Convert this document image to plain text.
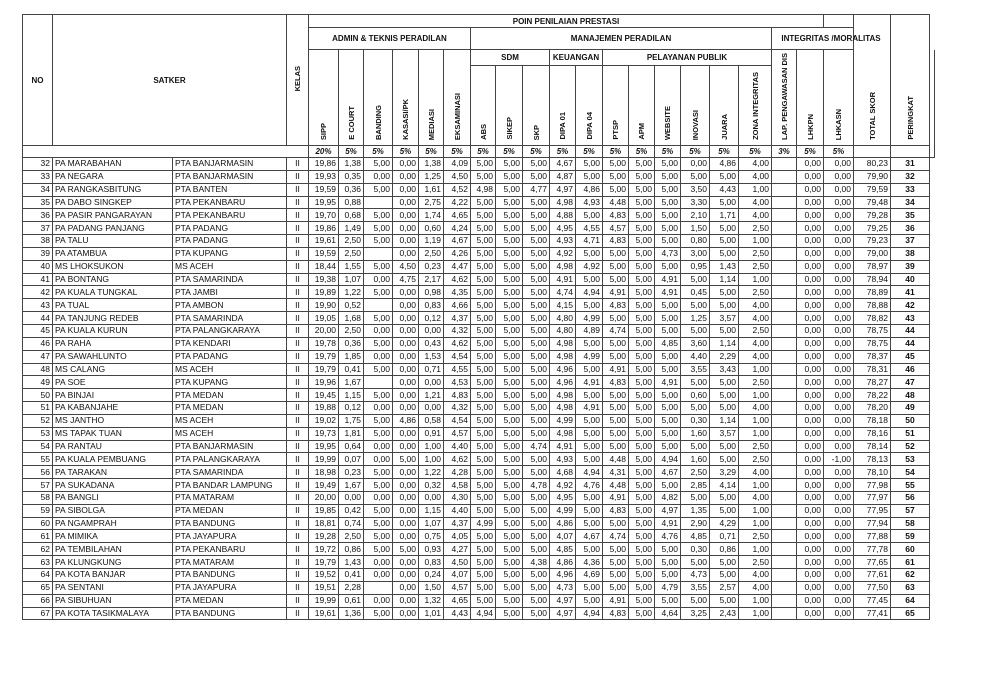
NO	SATKER		KELAS	POIN PENILAIAN PRESTASI																				TOTAL SKOR	PERINGKAT	
				ADMIN & TEKNIS PERADILAN						MANAJEMEN PERADILAN											INTEGRITAS /MORALITAS					
				SIPP	E COURT	BANDING	KASASI/PK	MEDIASI	EKSAMINASI	SDM			KEUANGAN		PELAYANAN PUBLIK						LAP. PENGAWASAN DIS	LHKPN	LHKASN			
										ABS	SIKEP	SKP	DIPA 01	DIPA 04	PTSP	APM	WEBSITE	INOVASI	JUARA	ZONA INTEGRITAS						
				20%	5%	5%	5%	5%	5%	5%	5%	5%	5%	5%	5%	5%	5%	5%	5%	5%	3%	5%	5%			
32	PA MARABAHAN	PTA BANJARMASIN	II	19,86	1,38	5,00	0,00	1,38	4,09	5,00	5,00	5,00	4,67	5,00	5,00	5,00	5,00	0,00	4,86	4,00		0,00	0,00	80,23	31	
33	PA NEGARA	PTA BANJARMASIN	II	19,93	0,35	0,00	0,00	1,25	4,50	5,00	5,00	5,00	4,87	5,00	5,00	5,00	5,00	5,00	5,00	4,00		0,00	0,00	79,90	32	
34	PA RANGKASBITUNG	PTA BANTEN	II	19,59	0,36	5,00	0,00	1,61	4,52	4,98	5,00	4,77	4,97	4,86	5,00	5,00	5,00	3,50	4,43	1,00		0,00	0,00	79,59	33	
35	PA DABO SINGKEP	PTA PEKANBARU	II	19,95	0,88		0,00	2,75	4,22	5,00	5,00	5,00	4,98	4,93	4,48	5,00	5,00	3,30	5,00	4,00		0,00	0,00	79,48	34	
36	PA PASIR PANGARAYAN	PTA PEKANBARU	II	19,70	0,68	5,00	0,00	1,74	4,65	5,00	5,00	5,00	4,88	5,00	4,83	5,00	5,00	2,10	1,71	4,00		0,00	0,00	79,28	35	
37	PA PADANG PANJANG	PTA PADANG	II	19,86	1,49	5,00	0,00	0,60	4,24	5,00	5,00	5,00	4,95	4,55	4,57	5,00	5,00	1,50	5,00	2,50		0,00	0,00	79,25	36	
38	PA TALU	PTA PADANG	II	19,61	2,50	5,00	0,00	1,19	4,67	5,00	5,00	5,00	4,93	4,71	4,83	5,00	5,00	0,80	5,00	1,00		0,00	0,00	79,23	37	
39	PA ATAMBUA	PTA KUPANG	II	19,59	2,50		0,00	2,50	4,26	5,00	5,00	5,00	4,92	5,00	5,00	5,00	4,73	3,00	5,00	2,50		0,00	0,00	79,00	38	
40	MS LHOKSUKON	MS ACEH	II	18,44	1,55	5,00	4,50	0,23	4,47	5,00	5,00	5,00	4,98	4,92	5,00	5,00	5,00	0,95	1,43	2,50		0,00	0,00	78,97	39	
41	PA BONTANG	PTA SAMARINDA	II	19,38	1,07	0,00	4,75	2,17	4,62	5,00	5,00	5,00	4,91	5,00	5,00	5,00	4,91	5,00	1,14	1,00		0,00	0,00	78,94	40	
42	PA KUALA TUNGKAL	PTA JAMBI	II	19,89	1,22	5,00	0,00	0,98	4,35	5,00	5,00	5,00	4,74	4,94	4,91	5,00	4,91	0,45	5,00	2,50		0,00	0,00	78,89	41	
43	PA TUAL	PTA AMBON	II	19,90	0,52		0,00	0,83	4,66	5,00	5,00	5,00	4,15	5,00	4,83	5,00	5,00	5,00	5,00	4,00		0,00	0,00	78,88	42	
44	PA TANJUNG REDEB	PTA SAMARINDA	II	19,05	1,68	5,00	0,00	0,12	4,37	5,00	5,00	5,00	4,80	4,99	5,00	5,00	5,00	1,25	3,57	4,00		0,00	0,00	78,82	43	
45	PA KUALA KURUN	PTA PALANGKARAYA	II	20,00	2,50	0,00	0,00	0,00	4,32	5,00	5,00	5,00	4,80	4,89	4,74	5,00	5,00	5,00	5,00	2,50		0,00	0,00	78,75	44	
46	PA RAHA	PTA KENDARI	II	19,78	0,36	5,00	0,00	0,43	4,62	5,00	5,00	5,00	4,98	5,00	5,00	5,00	4,85	3,60	1,14	4,00		0,00	0,00	78,75	44	
47	PA SAWAHLUNTO	PTA PADANG	II	19,79	1,85	0,00	0,00	1,53	4,54	5,00	5,00	5,00	4,98	4,99	5,00	5,00	5,00	4,40	2,29	4,00		0,00	0,00	78,37	45	
48	MS CALANG	MS ACEH	II	19,79	0,41	5,00	0,00	0,71	4,55	5,00	5,00	5,00	4,96	5,00	4,91	5,00	5,00	3,55	3,43	1,00		0,00	0,00	78,31	46	
49	PA SOE	PTA KUPANG	II	19,96	1,67		0,00	0,00	4,53	5,00	5,00	5,00	4,96	4,91	4,83	5,00	4,91	5,00	5,00	2,50		0,00	0,00	78,27	47	
50	PA BINJAI	PTA MEDAN	II	19,45	1,15	5,00	0,00	1,21	4,83	5,00	5,00	5,00	4,98	5,00	5,00	5,00	5,00	0,60	5,00	1,00		0,00	0,00	78,22	48	
51	PA KABANJAHE	PTA MEDAN	II	19,88	0,12	0,00	0,00	0,00	4,32	5,00	5,00	5,00	4,98	4,91	5,00	5,00	5,00	5,00	5,00	4,00		0,00	0,00	78,20	49	
52	MS JANTHO	MS ACEH	II	19,02	1,75	5,00	4,86	0,58	4,54	5,00	5,00	5,00	4,99	5,00	5,00	5,00	5,00	0,30	1,14	1,00		0,00	0,00	78,18	50	
53	MS TAPAK TUAN	MS ACEH	II	19,73	1,81	5,00	0,00	0,91	4,57	5,00	5,00	5,00	4,98	5,00	5,00	5,00	5,00	1,60	3,57	1,00		0,00	0,00	78,16	51	
54	PA RANTAU	PTA BANJARMASIN	II	19,95	0,64	0,00	0,00	1,00	4,40	5,00	5,00	4,74	4,91	5,00	5,00	5,00	5,00	5,00	5,00	2,50		0,00	0,00	78,14	52	
55	PA KUALA PEMBUANG	PTA PALANGKARAYA	II	19,99	0,07	0,00	5,00	1,00	4,62	5,00	5,00	5,00	4,93	5,00	4,48	5,00	4,94	1,60	5,00	2,50		0,00	-1,00	78,13	53	
56	PA TARAKAN	PTA SAMARINDA	II	18,98	0,23	5,00	0,00	1,22	4,28	5,00	5,00	5,00	4,68	4,94	4,31	5,00	4,67	2,50	3,29	4,00		0,00	0,00	78,10	54	
57	PA SUKADANA	PTA BANDAR LAMPUNG	II	19,49	1,67	5,00	0,00	0,32	4,58	5,00	5,00	4,78	4,92	4,76	4,48	5,00	5,00	2,85	4,14	1,00		0,00	0,00	77,98	55	
58	PA BANGLI	PTA MATARAM	II	20,00	0,00	0,00	0,00	0,00	4,30	5,00	5,00	5,00	4,95	5,00	4,91	5,00	4,82	5,00	5,00	4,00		0,00	0,00	77,97	56	
59	PA SIBOLGA	PTA MEDAN	II	19,85	0,42	5,00	0,00	1,15	4,40	5,00	5,00	5,00	4,99	5,00	4,83	5,00	4,97	1,35	5,00	1,00		0,00	0,00	77,95	57	
60	PA NGAMPRAH	PTA BANDUNG	II	18,81	0,74	5,00	0,00	1,07	4,37	4,99	5,00	5,00	4,86	5,00	5,00	5,00	4,91	2,90	4,29	1,00		0,00	0,00	77,94	58	
61	PA MIMIKA	PTA JAYAPURA	II	19,28	2,50	5,00	0,00	0,75	4,05	5,00	5,00	5,00	4,07	4,67	4,74	5,00	4,76	4,85	0,71	2,50		0,00	0,00	77,88	59	
62	PA TEMBILAHAN	PTA PEKANBARU	II	19,72	0,86	5,00	5,00	0,93	4,27	5,00	5,00	5,00	4,85	5,00	5,00	5,00	5,00	0,30	0,86	1,00		0,00	0,00	77,78	60	
63	PA KLUNGKUNG	PTA MATARAM	II	19,79	1,43	0,00	0,00	0,83	4,50	5,00	5,00	4,38	4,86	4,36	5,00	5,00	5,00	5,00	5,00	2,50		0,00	0,00	77,65	61	
64	PA KOTA BANJAR	PTA BANDUNG	II	19,52	0,41	0,00	0,00	0,24	4,07	5,00	5,00	5,00	4,96	4,69	5,00	5,00	5,00	4,73	5,00	4,00		0,00	0,00	77,61	62	
65	PA SENTANI	PTA JAYAPURA	II	19,51	2,28		0,00	1,50	4,57	5,00	5,00	5,00	4,73	5,00	5,00	5,00	4,79	3,55	2,57	4,00		0,00	0,00	77,50	63	
66	PA SIBUHUAN	PTA MEDAN	II	19,99	0,61	0,00	0,00	1,32	4,65	5,00	5,00	5,00	4,97	5,00	4,91	5,00	5,00	5,00	5,00	1,00		0,00	0,00	77,45	64	
67	PA KOTA TASIKMALAYA	PTA BANDUNG	II	19,61	1,36	5,00	0,00	1,01	4,43	4,94	5,00	5,00	4,97	4,94	4,83	5,00	4,64	3,25	2,43	1,00		0,00	0,00	77,41	65	
